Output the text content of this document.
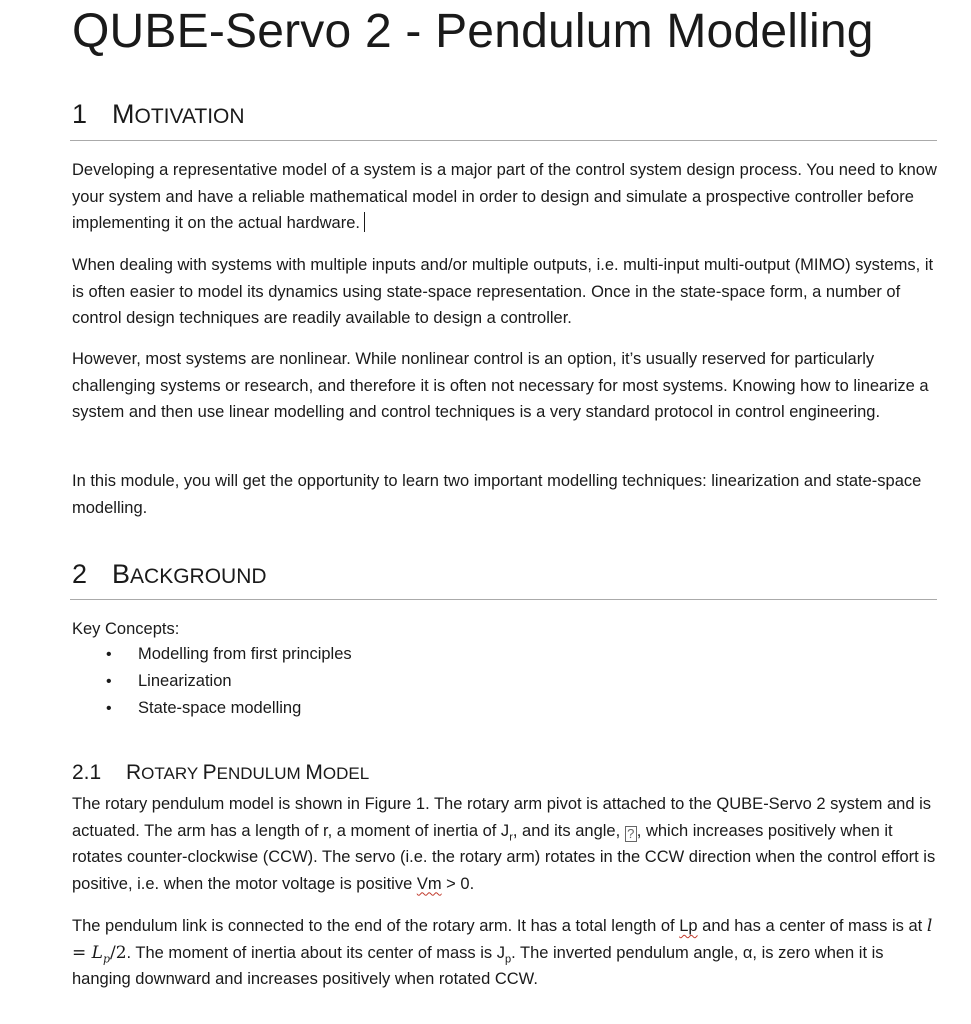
QUBE-Servo 2 - Pendulum Modelling
1 MOTIVATION

Developing a representative model of a system is a major part of the control system design process. You need to know your system and have a reliable mathematical model in order to design and simulate a prospective controller before implementing it on the actual hardware.

When dealing with systems with multiple inputs and/or multiple outputs, i.e. multi-input multi-output (MIMO) systems, it is often easier to model its dynamics using state-space representation. Once in the state-space form, a number of control design techniques are readily available to design a controller.

However, most systems are nonlinear. While nonlinear control is an option, it’s usually reserved for particularly challenging systems or research, and therefore it is often not necessary for most systems. Knowing how to linearize a system and then use linear modelling and control techniques is a very standard protocol in control engineering.

In this module, you will get the opportunity to learn two important modelling techniques: linearization and state-space modelling.

2 BACKGROUND
Key Concepts:
• Modelling from first principles
• Linearization
• State-space modelling
2.1 ROTARY PENDULUM MODEL

The rotary pendulum model is shown in Figure 1. The rotary arm pivot is attached to the QUBE-Servo 2 system and is actuated. The arm has a length of r, a moment of inertia of $J_r$, and its angle, ? , which increases positively when it rotates counter-clockwise (CCW). The servo (i.e. the rotary arm) rotates in the CCW direction when the control effort is positive, i.e. when the motor voltage is positive Vm > 0.

The pendulum link is connected to the end of the rotary arm. It has a total length of Lp and has a center of mass is at $l = L_p/2$. The moment of inertia about its center of mass is $J_p$. The inverted pendulum angle, α, is zero when it is hanging downward and increases positively when rotated CCW.
